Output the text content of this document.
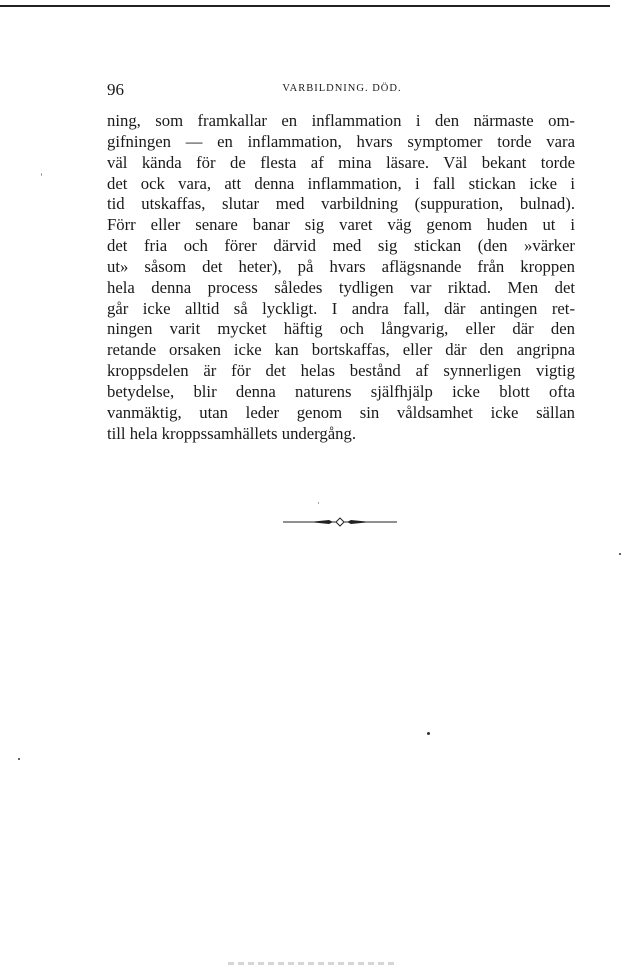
96	VARBILDNING. DÖD.
ning, som framkallar en inflammation i den närmaste om-
gifningen — en inflammation, hvars symptomer torde vara
väl kända för de flesta af mina läsare. Väl bekant torde
det ock vara, att denna inflammation, i fall stickan icke i
tid utskaffas, slutar med varbildning (suppuration, bulnad).
Förr eller senare banar sig varet väg genom huden ut i
det fria och förer därvid med sig stickan (den »värker
ut» såsom det heter), på hvars aflägsnande från kroppen
hela denna process således tydligen var riktad. Men det
går icke alltid så lyckligt. I andra fall, där antingen ret-
ningen varit mycket häftig och långvarig, eller där den
retande orsaken icke kan bortskaffas, eller där den angripna
kroppsdelen är för det helas bestånd af synnerligen vigtig
betydelse, blir denna naturens själfhjälp icke blott ofta
vanmäktig, utan leder genom sin våldsamhet icke sällan
till hela kroppssamhällets undergång.
